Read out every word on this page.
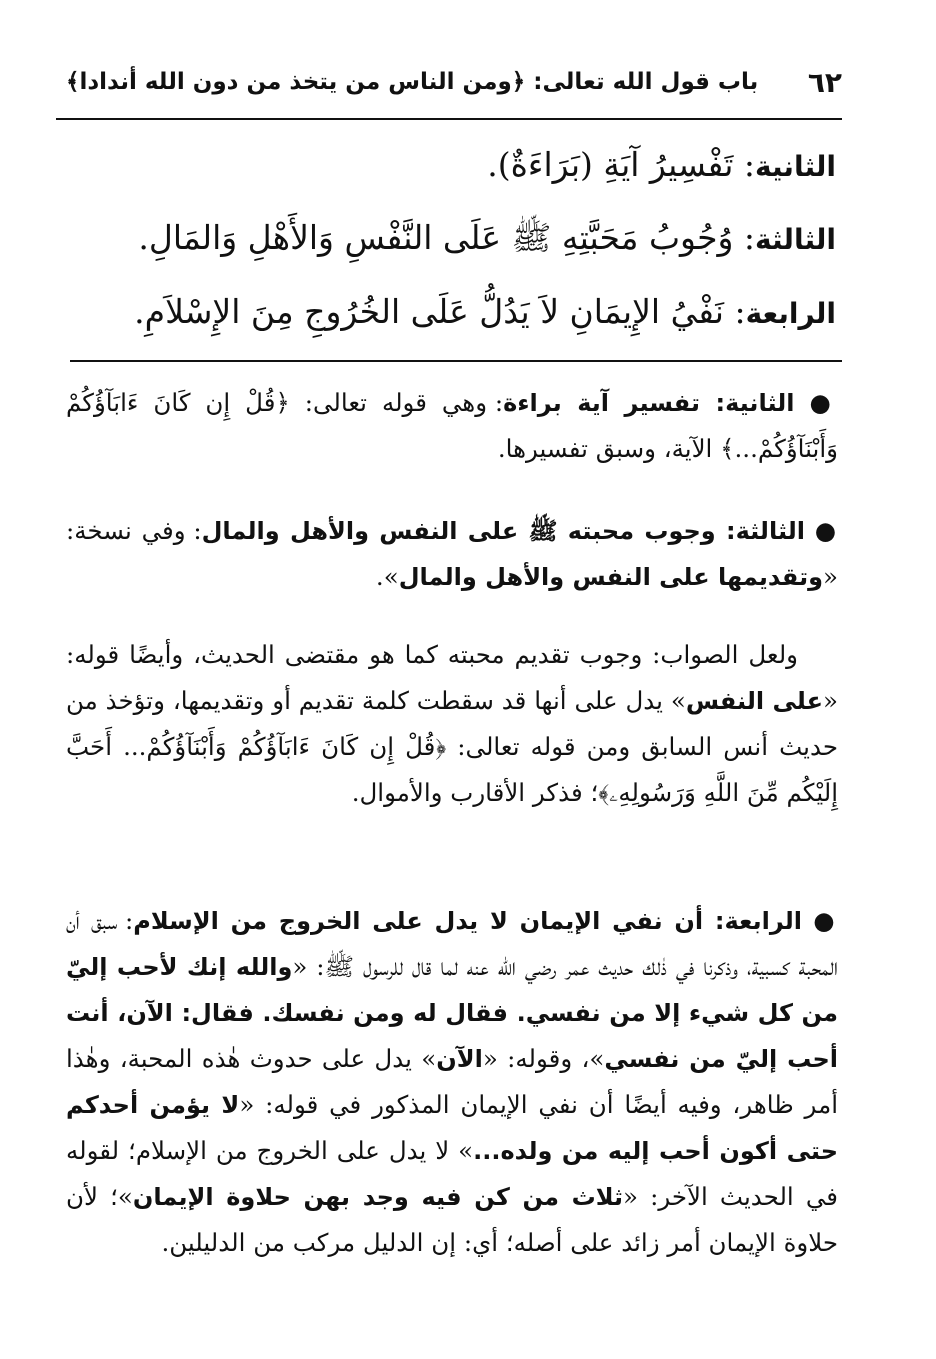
٦٢
باب قول الله تعالى: ﴿ومن الناس من يتخذ من دون الله أندادا﴾
الثانية: تَفْسِيرُ آيَةِ (بَرَاءَةٌ).
الثالثة: وُجُوبُ مَحَبَّتِهِ ﷺ عَلَى النَّفْسِ وَالأَهْلِ وَالمَالِ.
الرابعة: نَفْيُ الإِيمَانِ لاَ يَدُلُّ عَلَى الخُرُوجِ مِنَ الإِسْلاَمِ.
● الثانية: تفسير آية براءة: وهي قوله تعالى: ﴿قُلْ إِن كَانَ ءَابَآؤُكُمْ وَأَبْنَآؤُكُمْ...﴾ الآية، وسبق تفسيرها.
● الثالثة: وجوب محبته ﷺ على النفس والأهل والمال: وفي نسخة: «وتقديمها على النفس والأهل والمال».
ولعل الصواب: وجوب تقديم محبته كما هو مقتضى الحديث، وأيضًا قوله: «على النفس» يدل على أنها قد سقطت كلمة تقديم أو وتقديمها، وتؤخذ من حديث أنس السابق ومن قوله تعالى: ﴿قُلْ إِن كَانَ ءَابَآؤُكُمْ وَأَبْنَآؤُكُمْ... أَحَبَّ إِلَيْكُم مِّنَ اللَّهِ وَرَسُولِهِۦ﴾؛ فذكر الأقارب والأموال.
● الرابعة: أن نفي الإيمان لا يدل على الخروج من الإسلام: سبق أن المحبة كسبية، وذكرنا في ذٰلك حديث عمر رضي الله عنه لما قال للرسول ﷺ: «والله إنك لأحب إليّ من كل شيء إلا من نفسي. فقال له ومن نفسك. فقال: الآن، أنت أحب إليّ من نفسي»، وقوله: «الآن» يدل على حدوث هٰذه المحبة، وهٰذا أمر ظاهر، وفيه أيضًا أن نفي الإيمان المذكور في قوله: «لا يؤمن أحدكم حتى أكون أحب إليه من ولده...» لا يدل على الخروج من الإسلام؛ لقوله في الحديث الآخر: «ثلاث من كن فيه وجد بهن حلاوة الإيمان»؛ لأن حلاوة الإيمان أمر زائد على أصله؛ أي: إن الدليل مركب من الدليلين.
